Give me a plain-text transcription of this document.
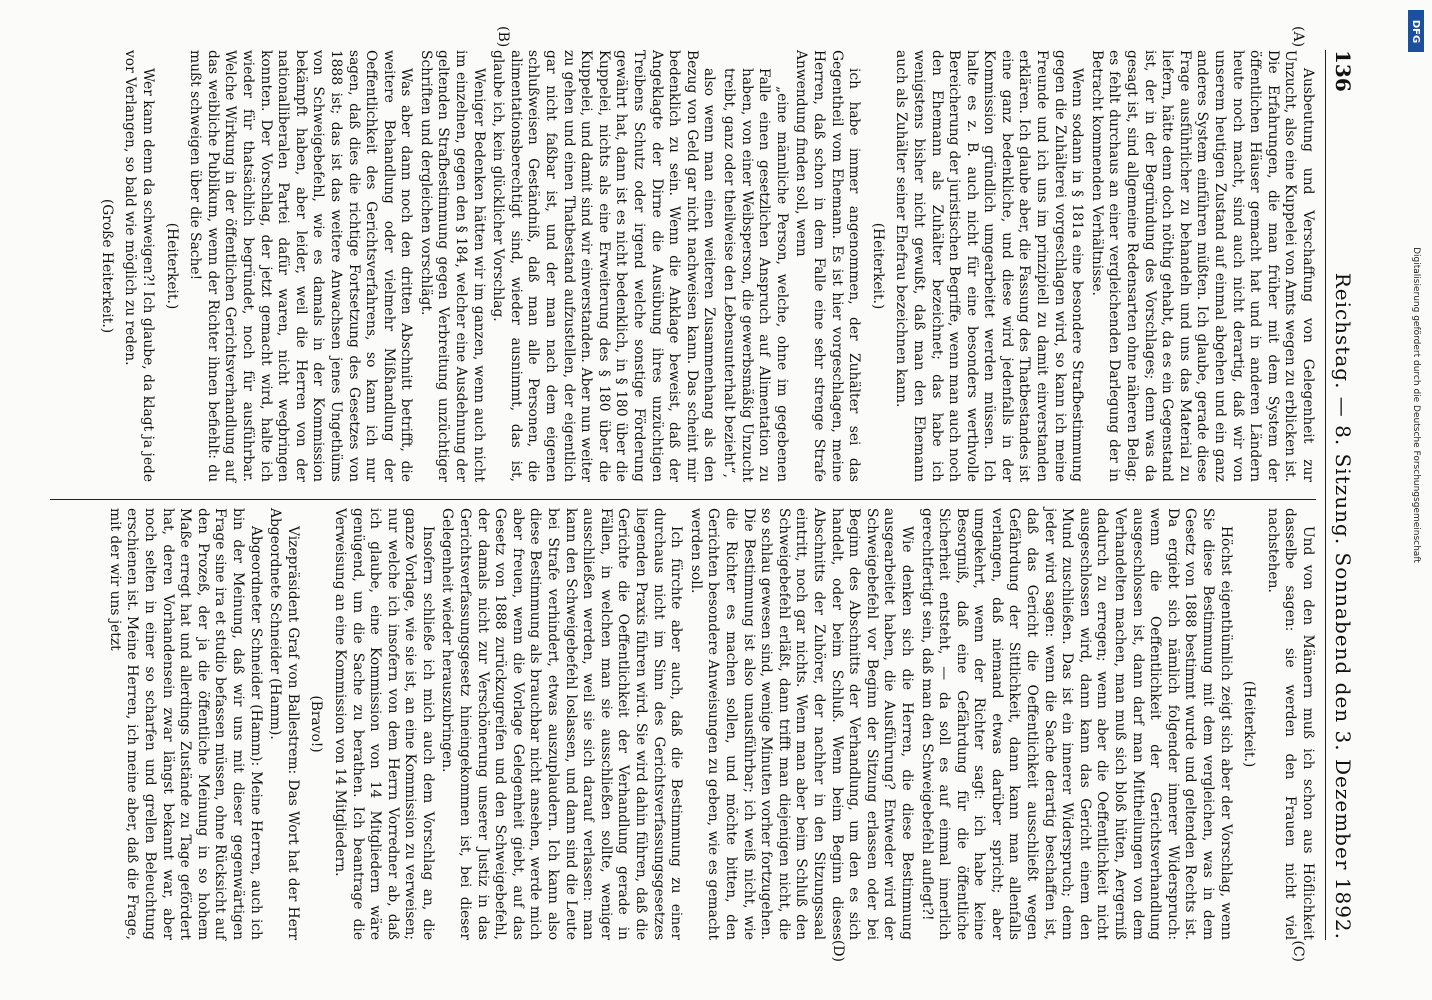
136
Reichstag. — 8. Sitzung. Sonnabend den 3. Dezember 1892.
(A)
(B)

Ausbeutung und Verschaffung von Gelegenheit zur Unzucht, also eine Kuppelei von Amts wegen zu erblicken ist. Die Erfahrungen, die man früher mit dem System der öffentlichen Häuser gemacht hat und in anderen Ländern heute noch macht, sind auch nicht derartig, daß wir von unserem heutigen Zustand auf einmal abgehen und ein ganz anderes System einführen müßten. Ich glaube, gerade diese Frage ausführlicher zu behandeln und uns das Material zu liefern, hätte denn doch nöthig gehabt, da es ein Gegenstand ist, der in der Begründung des Vorschlages; denn was da gesagt ist, sind allgemeine Redensarten ohne näheren Belag; es fehlt durchaus an einer vergleichenden Darlegung der in Betracht kommenden Verhältnisse.

Wenn sodann in § 181a eine besondere Strafbestimmung gegen die Zuhälterei vorgeschlagen wird, so kann ich meine Freunde und ich uns im prinzipiell zu damit einverstanden erklären. Ich glaube aber, die Fassung des Thatbestandes ist eine ganz bedenkliche, und diese wird jedenfalls in der Kommission gründlich umgearbeitet werden müssen. Ich halte es z. B. auch nicht für eine besonders werthvolle Bereicherung der juristischen Begriffe, wenn man auch noch den Ehemann als Zuhälter bezeichnet; das habe ich wenigstens bisher nicht gewußt, daß man den Ehemann auch als Zuhälter seiner Ehefrau bezeichnen kann.

(Heiterkeit.)

ich habe immer angenommen, der Zuhälter sei das Gegentheil vom Ehemann. Es ist hier vorgeschlagen, meine Herren, daß schon in dem Falle eine sehr strenge Strafe Anwendung finden soll, wenn

„eine männliche Person, welche, ohne im gegebenen Falle einen gesetzlichen Anspruch auf Alimentation zu haben, von einer Weibsperson, die gewerbsmäßig Unzucht treibt, ganz oder theilweise den Lebensunterhalt bezieht“,

also wenn man einen weiteren Zusammenhang als den Bezug von Geld gar nicht nachweisen kann. Das scheint mir bedenklich zu sein. Wenn die Anklage beweist, daß der Angeklagte der Dirne die Ausübung ihres unzüchtigen Treibens Schutz oder irgend welche sonstige Förderung gewährt hat, dann ist es nicht bedenklich, in § 180 über die Kuppelei, nichts als eine Erweiterung des § 180 über die Kuppelei, und damit sind wir einverstanden. Aber nun weiter zu gehen und einen Thatbestand aufzustellen, der eigentlich gar nicht faßbar ist, und der man nach dem eigenen schlußweisen Geständniß, daß man alle Personen, die alimentationsberechtigt sind, wieder ausnimmt, das ist, glaube ich, kein glücklicher Vorschlag.

Weniger Bedenken hätten wir im ganzen, wenn auch nicht im einzelnen, gegen den § 184, welcher eine Ausdehnung der geltenden Strafbestimmung gegen Verbreitung unzüchtiger Schriften und dergleichen vorschlägt.

Was aber dann noch den dritten Abschnitt betrifft, die weitere Behandlung oder vielmehr Mißhandlung der Oeffentlichkeit des Gerichtsverfahrens, so kann ich nur sagen, daß dies die richtige Fortsetzung des Gesetzes von 1888 ist; das ist das weitere Anwachsen jenes Ungethüms von Schweigebefehl, wie es damals in der Kommission bekämpft haben, aber leider, weil die Herren von der nationalliberalen Partei dafür waren, nicht wegbringen konnten. Der Vorschlag, der jetzt gemacht wird, halte ich wieder für thatsächlich begründet, noch für ausführbar. Welche Wirkung in der öffentlichen Gerichtsverhandlung auf das weibliche Publikum, wenn der Richter ihnen befiehlt: du mußt schweigen über die Sache!

(Heiterkeit.)

Wer kann denn da schweigen?! Ich glaube, da klagt ja jede vor Verlangen, so bald wie möglich zu reden.

(Große Heiterkeit.)

(C)
(D)

Und von den Männern muß ich schon aus Höflichkeit dasselbe sagen: sie werden den Frauen nicht viel nachstehen.

(Heiterkeit.)

Höchst eigenthümlich zeigt sich aber der Vorschlag, wenn Sie diese Bestimmung mit dem vergleichen, was in dem Gesetz von 1888 bestimmt wurde und geltenden Rechts ist. Da ergiebt sich nämlich folgender innerer Widerspruch: wenn die Oeffentlichkeit der Gerichtsverhandlung ausgeschlossen ist, dann darf man Mittheilungen von dem Verhandelten machen, man muß sich bloß hüten, Aergerniß dadurch zu erregen; wenn aber die Oeffentlichkeit nicht ausgeschlossen wird, dann kann das Gericht einem den Mund zuschließen. Das ist ein innerer Widerspruch; denn jeder wird sagen: wenn die Sache derartig beschaffen ist, daß das Gericht die Oeffentlichkeit ausschließt wegen Gefährdung der Sittlichkeit, dann kann man allenfalls verlangen, daß niemand etwas darüber spricht; aber umgekehrt, wenn der Richter sagt: ich habe keine Besorgniß, daß eine Gefährdung für die öffentliche Sicherheit entsteht, — da soll es auf einmal innerlich gerechtfertigt sein, daß man den Schweigebefehl auflegt?!

Wie denken sich die Herren, die diese Bestimmung ausgearbeitet haben, die Ausführung? Entweder wird der Schweigebefehl vor Beginn der Sitzung erlassen oder bei Beginn des Abschnitts der Verhandlung, um den es sich handelt, oder beim Schluß. Wenn beim Beginn dieses Abschnitts der Zuhörer, der nachher in den Sitzungssaal eintritt, noch gar nichts. Wenn man aber beim Schluß den Schweigebefehl erläßt, dann trifft man diejenigen nicht, die so schlau gewesen sind, wenige Minuten vorher fortzugehen. Die Bestimmung ist also unausführbar; ich weiß nicht, wie die Richter es machen sollen, und möchte bitten, den Gerichten besondere Anweisungen zu geben, wie es gemacht werden soll.

Ich fürchte aber auch, daß die Bestimmung zu einer durchaus nicht im Sinn des Gerichtsverfassungsgesetzes liegenden Praxis führen wird. Sie wird dahin führen, daß die Gerichte die Oeffentlichkeit der Verhandlung gerade in Fällen, in welchen man sie ausschließen sollte, weniger ausschließen werden, weil sie sich darauf verlassen: man kann den Schweigebefehl loslassen, und dann sind die Leute bei Strafe verhindert, etwas auszuplaudern. Ich kann also diese Bestimmung als brauchbar nicht ansehen, werde mich aber freuen, wenn die Vorlage Gelegenheit giebt, auf das Gesetz von 1888 zurückzugreifen und den Schweigebefehl, der damals nicht zur Verschönerung unserer Justiz in das Gerichtsverfassungsgesetz hineingekommen ist, bei dieser Gelegenheit wieder herauszubringen.

Insofern schließe ich mich auch dem Vorschlag an, die ganze Vorlage, wie sie ist, an eine Kommission zu verweisen; nur welche ich insofern von dem Herrn Vorredner ab, daß ich glaube, eine Kommission von 14 Mitgliedern wäre genügend, um die Sache zu berathen. Ich beantrage die Verweisung an eine Kommission von 14 Mitgliedern.

(Bravo!)

Vizepräsident Graf von Ballestrem: Das Wort hat der Herr Abgeordnete Schneider (Hamm).

Abgeordneter Schneider (Hamm): Meine Herren, auch ich bin der Meinung, daß wir uns mit dieser gegenwärtigen Frage sine ira et studio befassen müssen, ohne Rücksicht auf den Prozeß, der ja die öffentliche Meinung in so hohem Maße erregt hat und allerdings Zustände zu Tage gefördert hat, deren Vorhandensein zwar längst bekannt war, aber noch selten in einer so scharfen und grellen Beleuchtung erschienen ist. Meine Herren, ich meine aber, daß die Frage, mit der wir uns jetzt

DFG
Digitalisierung gefördert durch die Deutsche Forschungsgemeinschaft
